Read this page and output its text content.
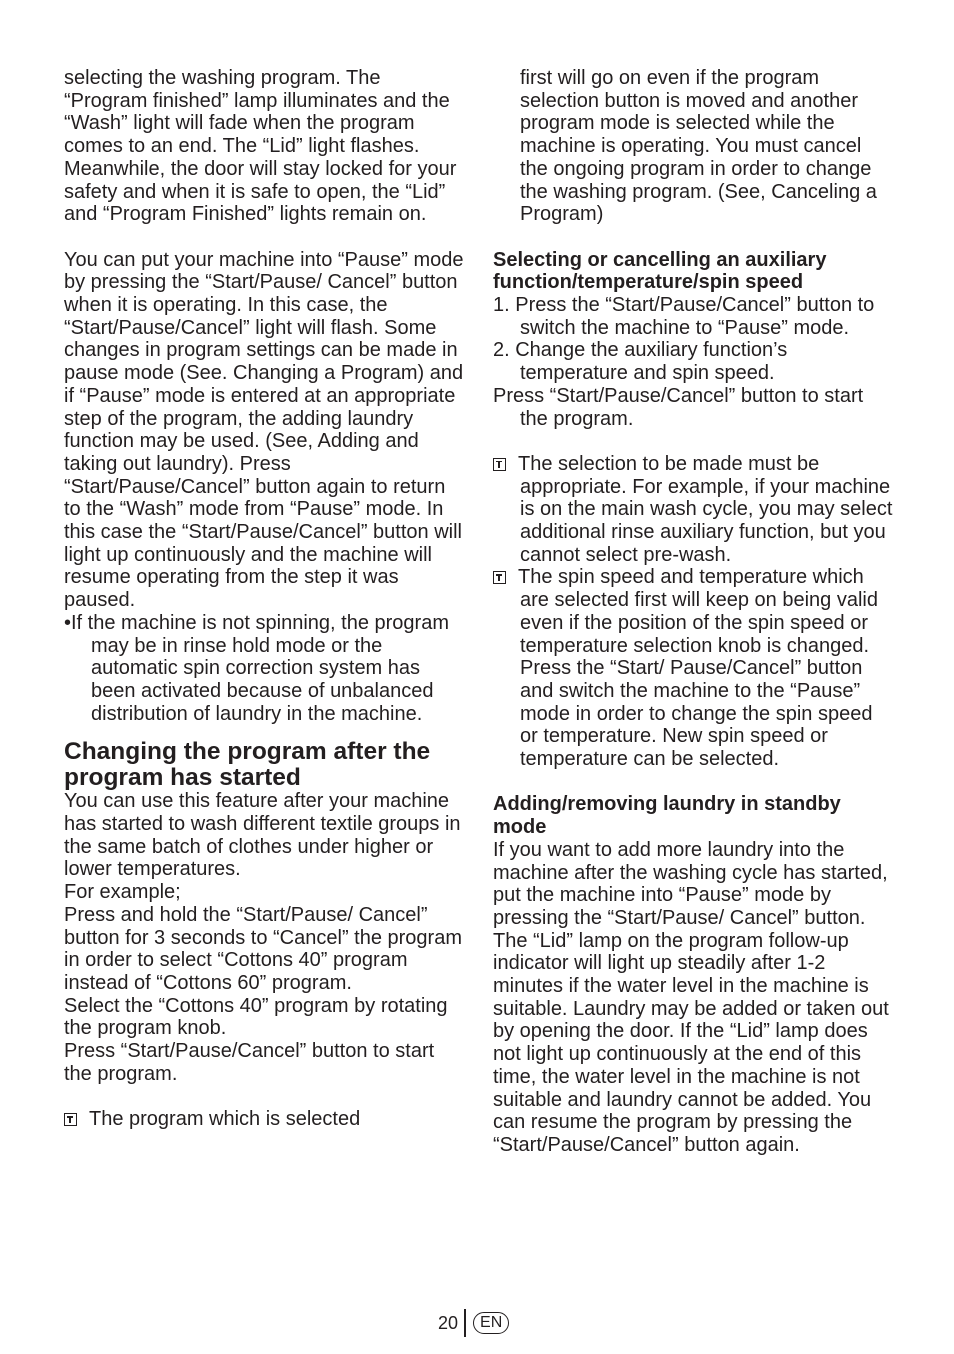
selecting the washing program. The “Program finished” lamp illuminates and the “Wash” light will fade when the program comes to an end. The “Lid” light flashes. Meanwhile, the door will stay locked for your safety and when it is safe to open, the “Lid” and “Program Finished” lights remain on.

You can put your machine into “Pause” mode by pressing the “Start/Pause/ Cancel” button when it is operating. In this case, the “Start/Pause/Cancel” light will flash. Some changes in program settings can be made in pause mode (See. Changing a Program) and if “Pause” mode is entered at an appropriate step of the program, the adding laundry function may be used. (See, Adding and taking out laundry). Press “Start/Pause/Cancel” button again to return to the “Wash” mode from “Pause” mode. In this case the “Start/Pause/Cancel” button will light up continuously and the machine will resume operating from the step it was paused.

•If the machine is not spinning, the program may be in rinse hold mode or the automatic spin correction system has been activated because of unbalanced distribution of laundry in the machine.

Changing the program after the program has started

You can use this feature after your machine has started to wash different textile groups in the same batch of clothes under higher or lower temperatures.

For example;

Press and hold the “Start/Pause/ Cancel” button for 3 seconds to “Cancel” the program in order to select “Cottons 40” program instead of “Cottons 60” program.

Select the “Cottons 40” program by rotating the program knob.

Press “Start/Pause/Cancel” button to start the program.

The program which is selected

first will go on even if the program selection button is moved and another program mode is selected while the machine is operating. You must cancel the ongoing program in order to change the washing program. (See, Canceling a Program)

Selecting or cancelling an auxiliary function/temperature/spin speed

1. Press the “Start/Pause/Cancel” button to switch the machine to “Pause” mode.

2. Change the auxiliary function’s temperature and spin speed.

Press “Start/Pause/Cancel” button to start the program.

The selection to be made must be appropriate. For example, if your machine is on the main wash cycle, you may select additional rinse auxiliary function, but you cannot select pre-wash.

The spin speed and temperature which are selected first will keep on being valid even if the position of the spin speed or temperature selection knob is changed. Press the “Start/ Pause/Cancel” button and switch the machine to the “Pause” mode in order to change the spin speed or temperature. New spin speed or temperature can be selected.

Adding/removing laundry in standby mode

If you want to add more laundry into the machine after the washing cycle has started, put the machine into “Pause” mode by pressing the “Start/Pause/ Cancel” button. The “Lid” lamp on the program follow-up indicator will light up steadily after 1-2 minutes if the water level in the machine is suitable. Laundry may be added or taken out by opening the door. If the “Lid” lamp does not light up continuously at the end of this time, the water level in the machine is not suitable and laundry cannot be added. You can resume the program by pressing the “Start/Pause/Cancel” button again.

20	EN
